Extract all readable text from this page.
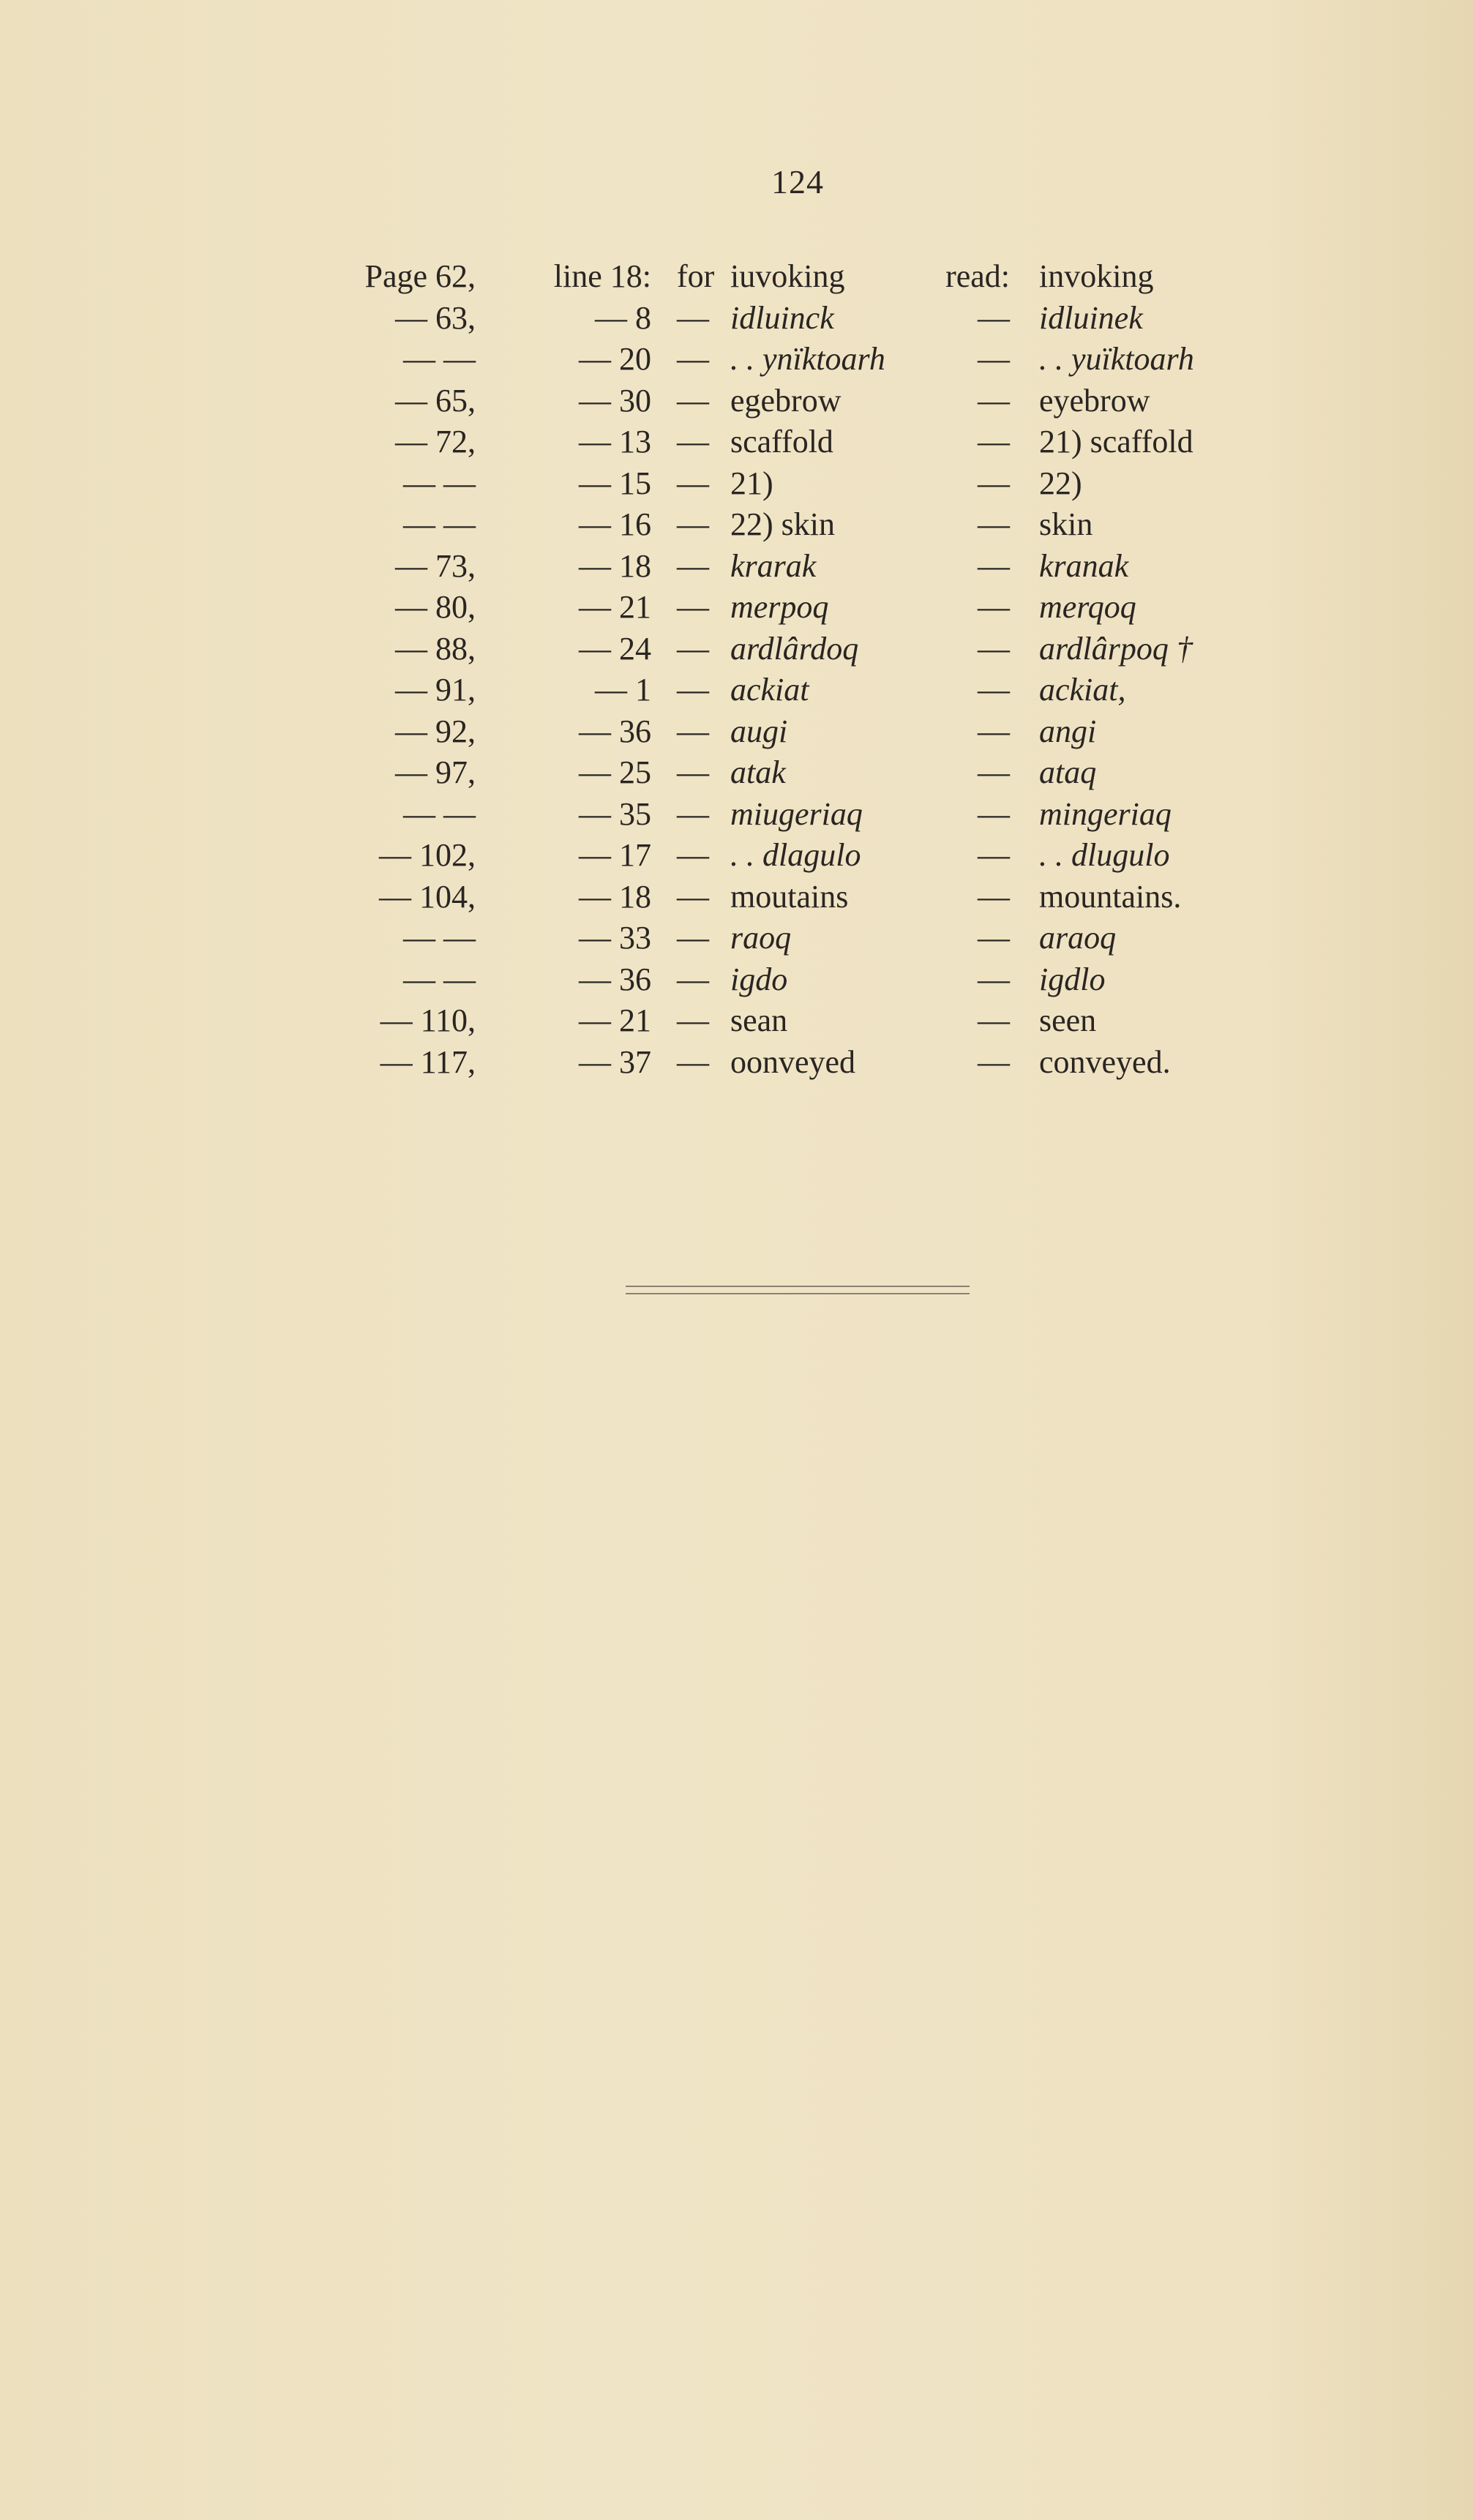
124
Page 62,	line 18: for iuvoking	read: invoking
— 63,	— 8 — idluinck	— idluinek
— —	— 20 — . . ynïktoarh	— . . yuïktoarh
— 65,	— 30 — egebrow	— eyebrow
— 72,	— 13 — scaffold	— 21) scaffold
— —	— 15 — 21)	— 22)
— —	— 16 — 22) skin	— skin
— 73,	— 18 — krarak	— kranak
— 80,	— 21 — merpoq	— merqoq
— 88,	— 24 — ardlârdoq	— ardlârpoq †
— 91,	— 1 — ackiat	— ackiat,
— 92,	— 36 — augi	— angi
— 97,	— 25 — atak	— ataq
— —	— 35 — miugeriaq	— mingeriaq
— 102,	— 17 — . . dlagulo	— . . dlugulo
— 104,	— 18 — moutains	— mountains.
— —	— 33 — raoq	— araoq
— —	— 36 — igdo	— igdlo
— 110,	— 21 — sean	— seen
— 117,	— 37 — oonveyed	— conveyed.
